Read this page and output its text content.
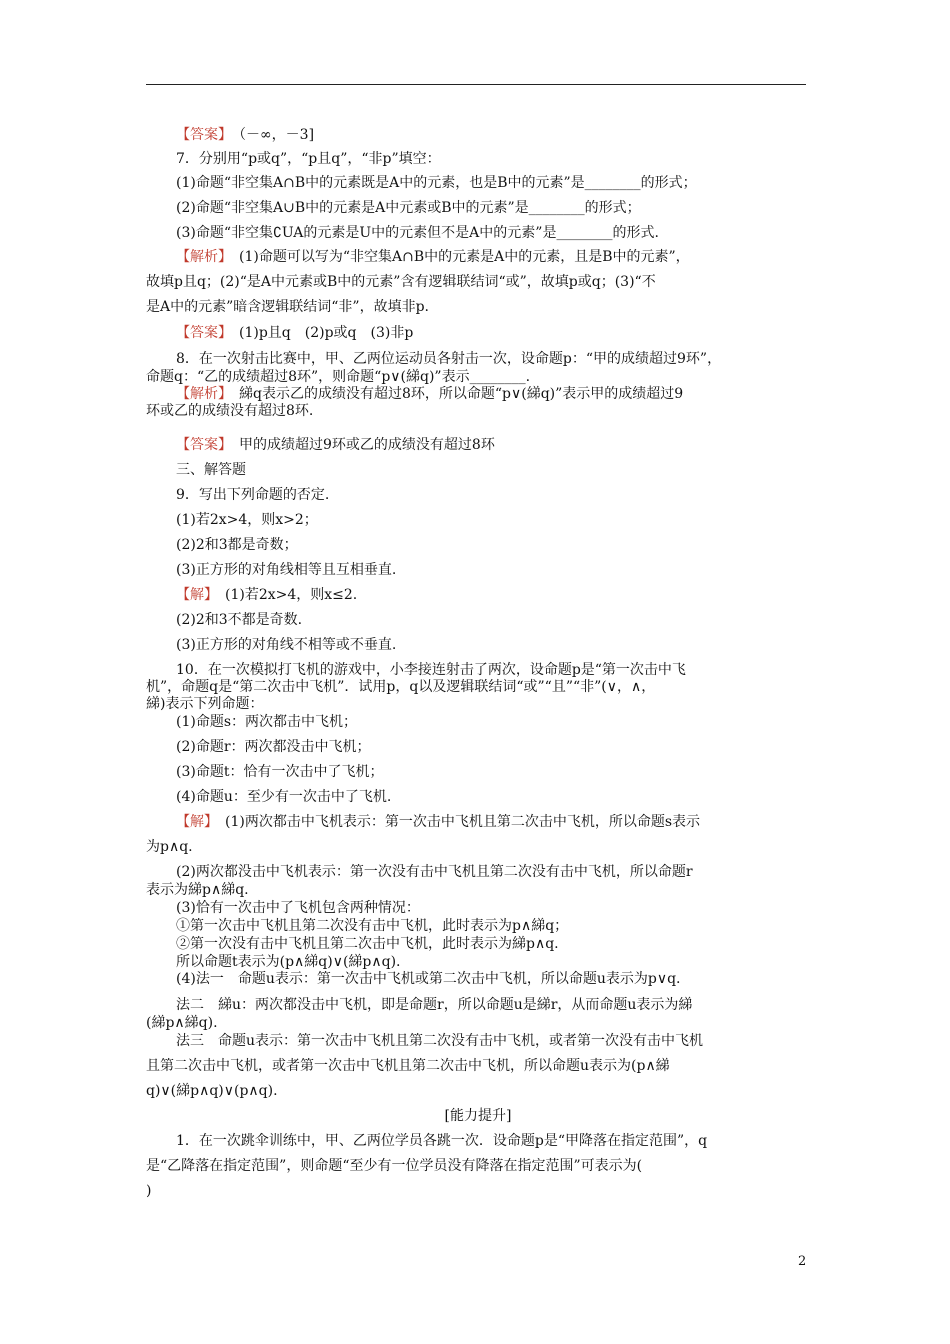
【答案】　 （－∞，－3]
7．分别用“p或q”，“p且q”，“非p”填空：
(1)命题“非空集A∩B中的元素既是A中的元素，也是B中的元素”是________的形式；
(2)命题“非空集A∪B中的元素是A中元素或B中的元素”是________的形式；
(3)命题“非空集∁UA的元素是U中的元素但不是A中的元素”是________的形式.
【解析】　 (1)命题可以写为“非空集A∩B中的元素是A中的元素，且是B中的元素”，
故填p且q；(2)“是A中元素或B中的元素”含有逻辑联结词“或”，故填p或q；(3)“不
是A中的元素”暗含逻辑联结词“非”，故填非p.
【答案】　 (1)p且q　(2)p或q　(3)非p
8．在一次射击比赛中，甲、乙两位运动员各射击一次，设命题p：“甲的成绩超过9环”，
命题q：“乙的成绩超过8环”，则命题“p∨(綈q)”表示________.
【解析】　 綈q表示乙的成绩没有超过8环，所以命题“p∨(綈q)”表示甲的成绩超过9
环或乙的成绩没有超过8环.
【答案】　 甲的成绩超过9环或乙的成绩没有超过8环
三、解答题
9．写出下列命题的否定.
(1)若2x>4，则x>2；
(2)2和3都是奇数；
(3)正方形的对角线相等且互相垂直.
【解】　 (1)若2x>4，则x≤2.
(2)2和3不都是奇数.
(3)正方形的对角线不相等或不垂直.
10．在一次模拟打飞机的游戏中，小李接连射击了两次，设命题p是“第一次击中飞
机”，命题q是“第二次击中飞机”．试用p，q以及逻辑联结词“或”“且”“非”(∨，∧，
綈)表示下列命题：
(1)命题s：两次都击中飞机；
(2)命题r：两次都没击中飞机；
(3)命题t：恰有一次击中了飞机；
(4)命题u：至少有一次击中了飞机.
【解】　 (1)两次都击中飞机表示：第一次击中飞机且第二次击中飞机，所以命题s表示
为p∧q.
(2)两次都没击中飞机表示：第一次没有击中飞机且第二次没有击中飞机，所以命题r
表示为綈p∧綈q.
(3)恰有一次击中了飞机包含两种情况：
①第一次击中飞机且第二次没有击中飞机，此时表示为p∧綈q；
②第一次没有击中飞机且第二次击中飞机，此时表示为綈p∧q.
所以命题t表示为(p∧綈q)∨(綈p∧q).
(4)法一　命题u表示：第一次击中飞机或第二次击中飞机，所以命题u表示为p∨q.
法二　綈u：两次都没击中飞机，即是命题r，所以命题u是綈r，从而命题u表示为綈
(綈p∧綈q).
法三　命题u表示：第一次击中飞机且第二次没有击中飞机，或者第一次没有击中飞机
且第二次击中飞机，或者第一次击中飞机且第二次击中飞机，所以命题u表示为(p∧綈
q)∨(綈p∧q)∨(p∧q).
[能力提升]
1．在一次跳伞训练中，甲、乙两位学员各跳一次．设命题p是“甲降落在指定范围”，q
是“乙降落在指定范围”，则命题“至少有一位学员没有降落在指定范围”可表示为(
)
2
